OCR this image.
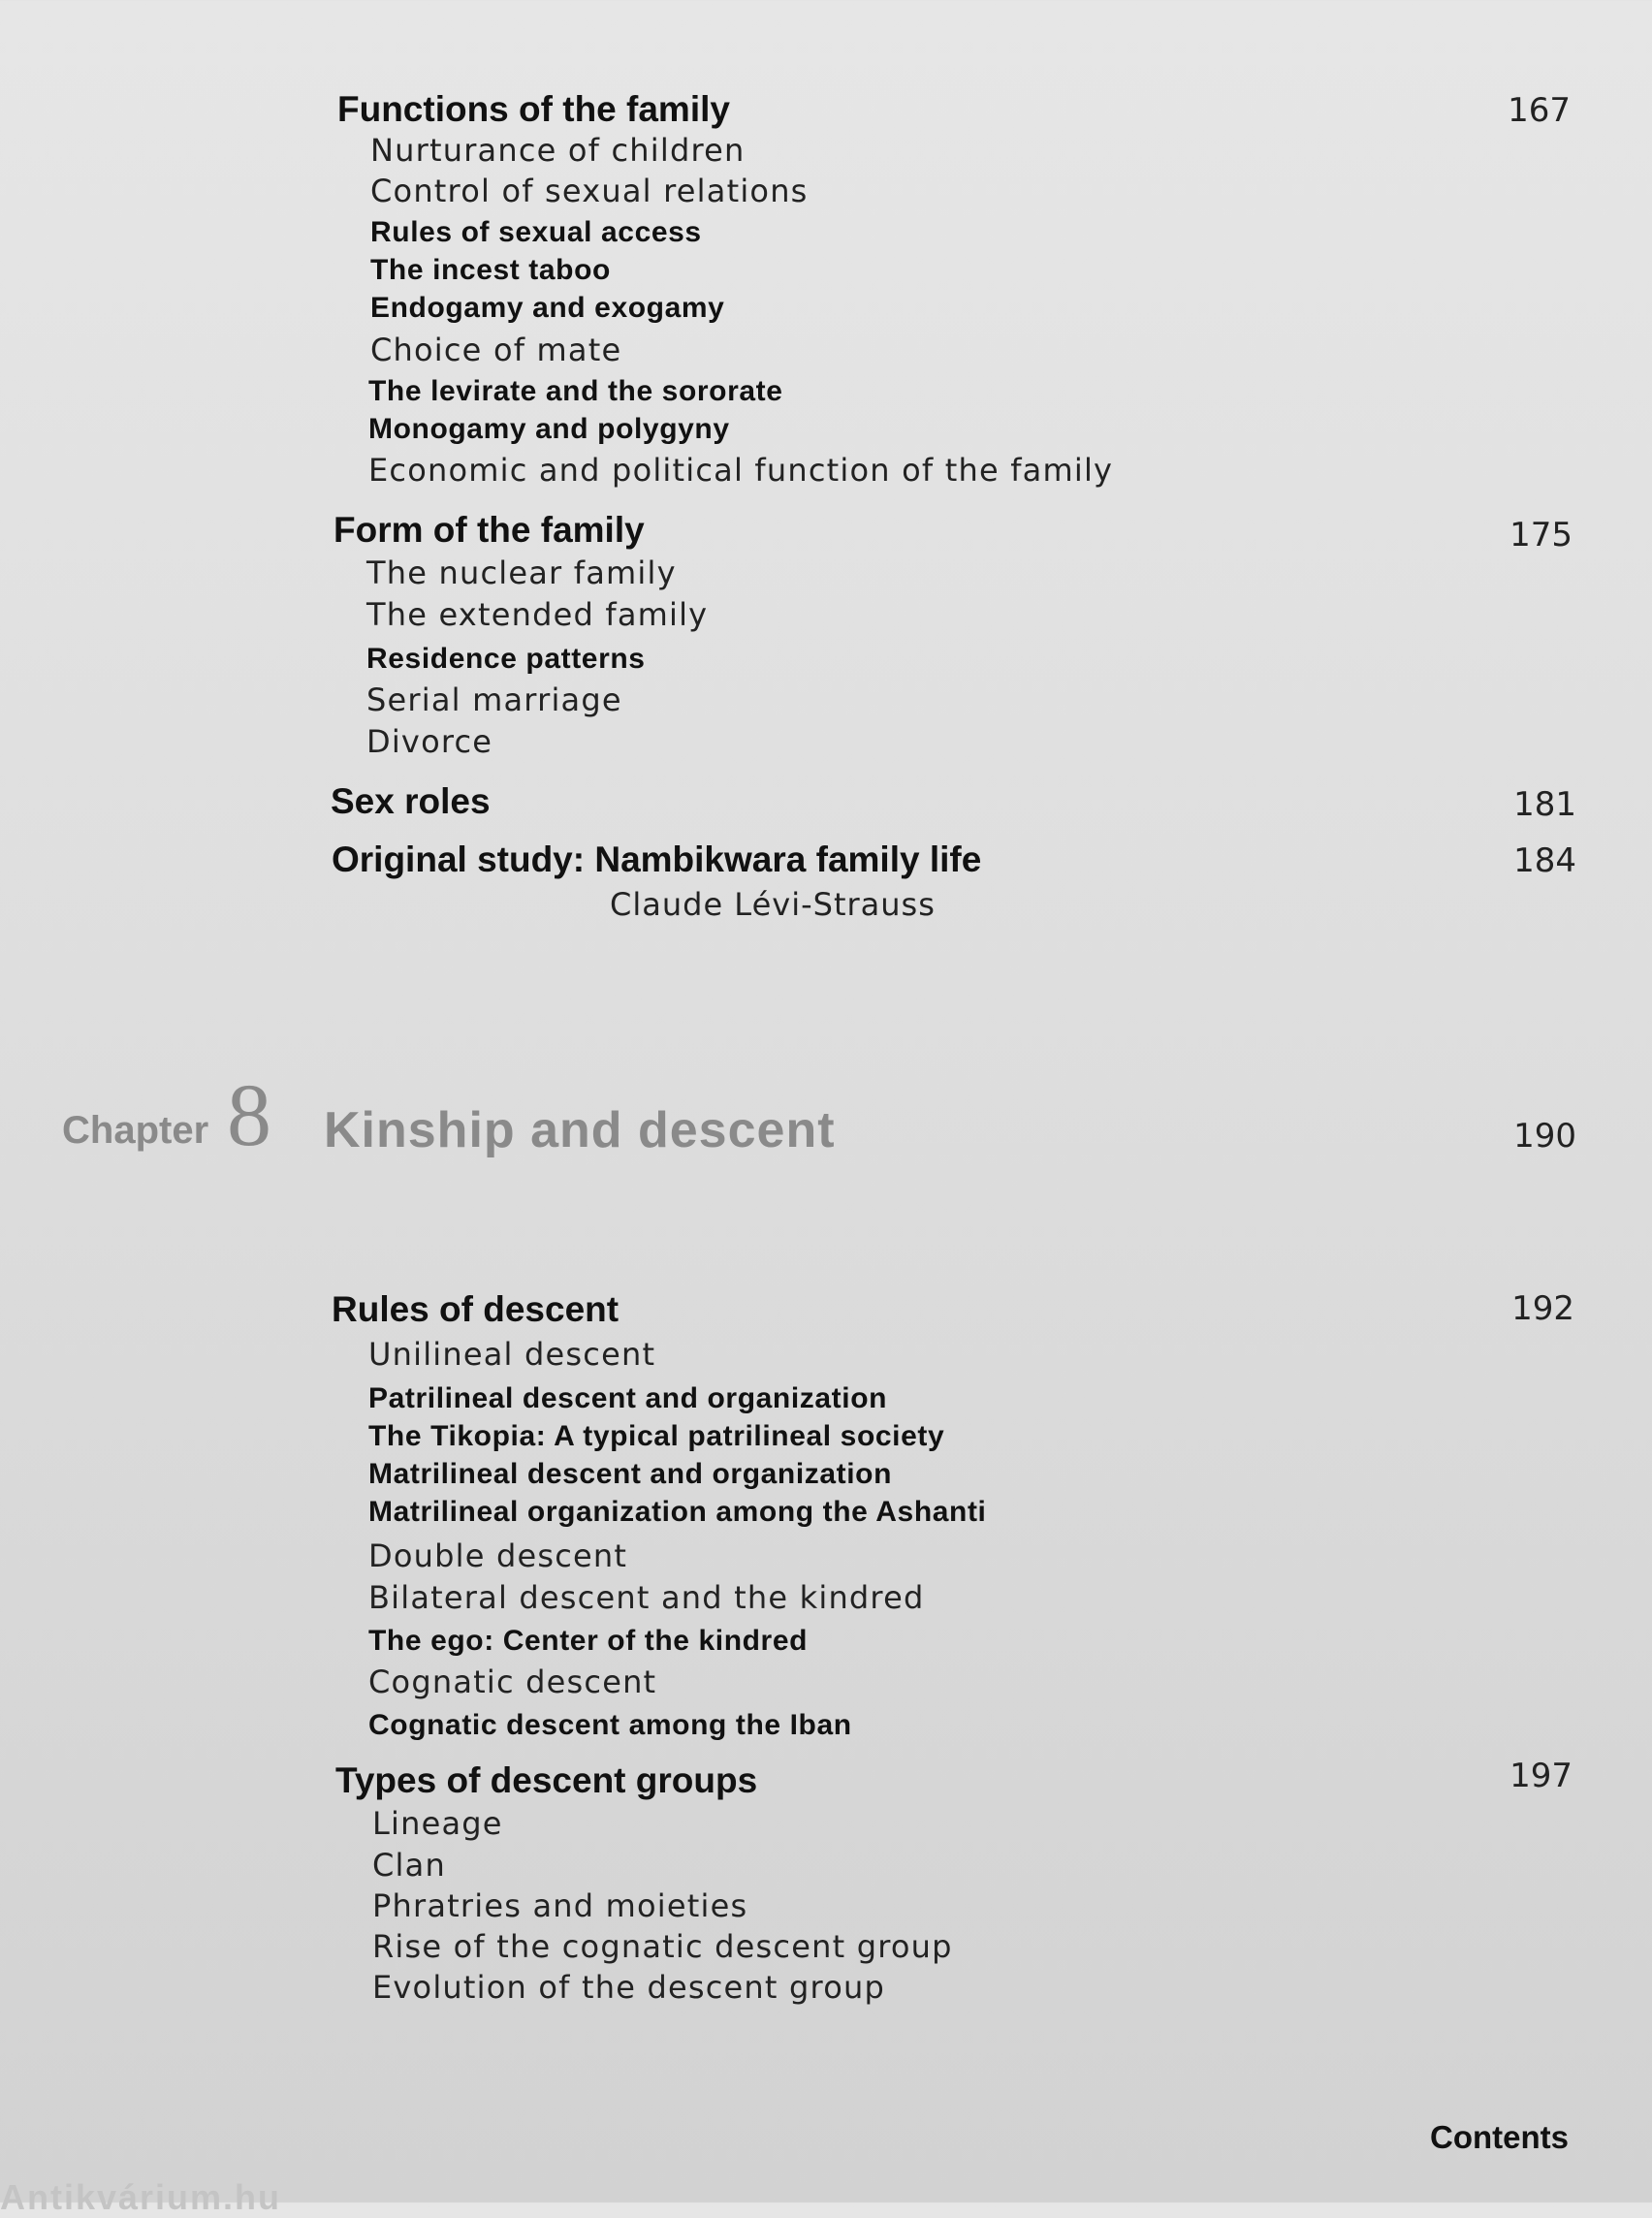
Functions of the family	167
Nurturance of children
Control of sexual relations
Rules of sexual access
The incest taboo
Endogamy and exogamy
Choice of mate
The levirate and the sororate
Monogamy and polygyny
Economic and political function of the family
Form of the family	175
The nuclear family
The extended family
Residence patterns
Serial marriage
Divorce
Sex roles	181
Original study: Nambikwara family life	184
Claude Lévi-Strauss
Chapter 8 Kinship and descent	190
Rules of descent	192
Unilineal descent
Patrilineal descent and organization
The Tikopia: A typical patrilineal society
Matrilineal descent and organization
Matrilineal organization among the Ashanti
Double descent
Bilateral descent and the kindred
The ego: Center of the kindred
Cognatic descent
Cognatic descent among the Iban
Types of descent groups	197
Lineage
Clan
Phratries and moieties
Rise of the cognatic descent group
Evolution of the descent group
Contents
Antikvárium.hu
